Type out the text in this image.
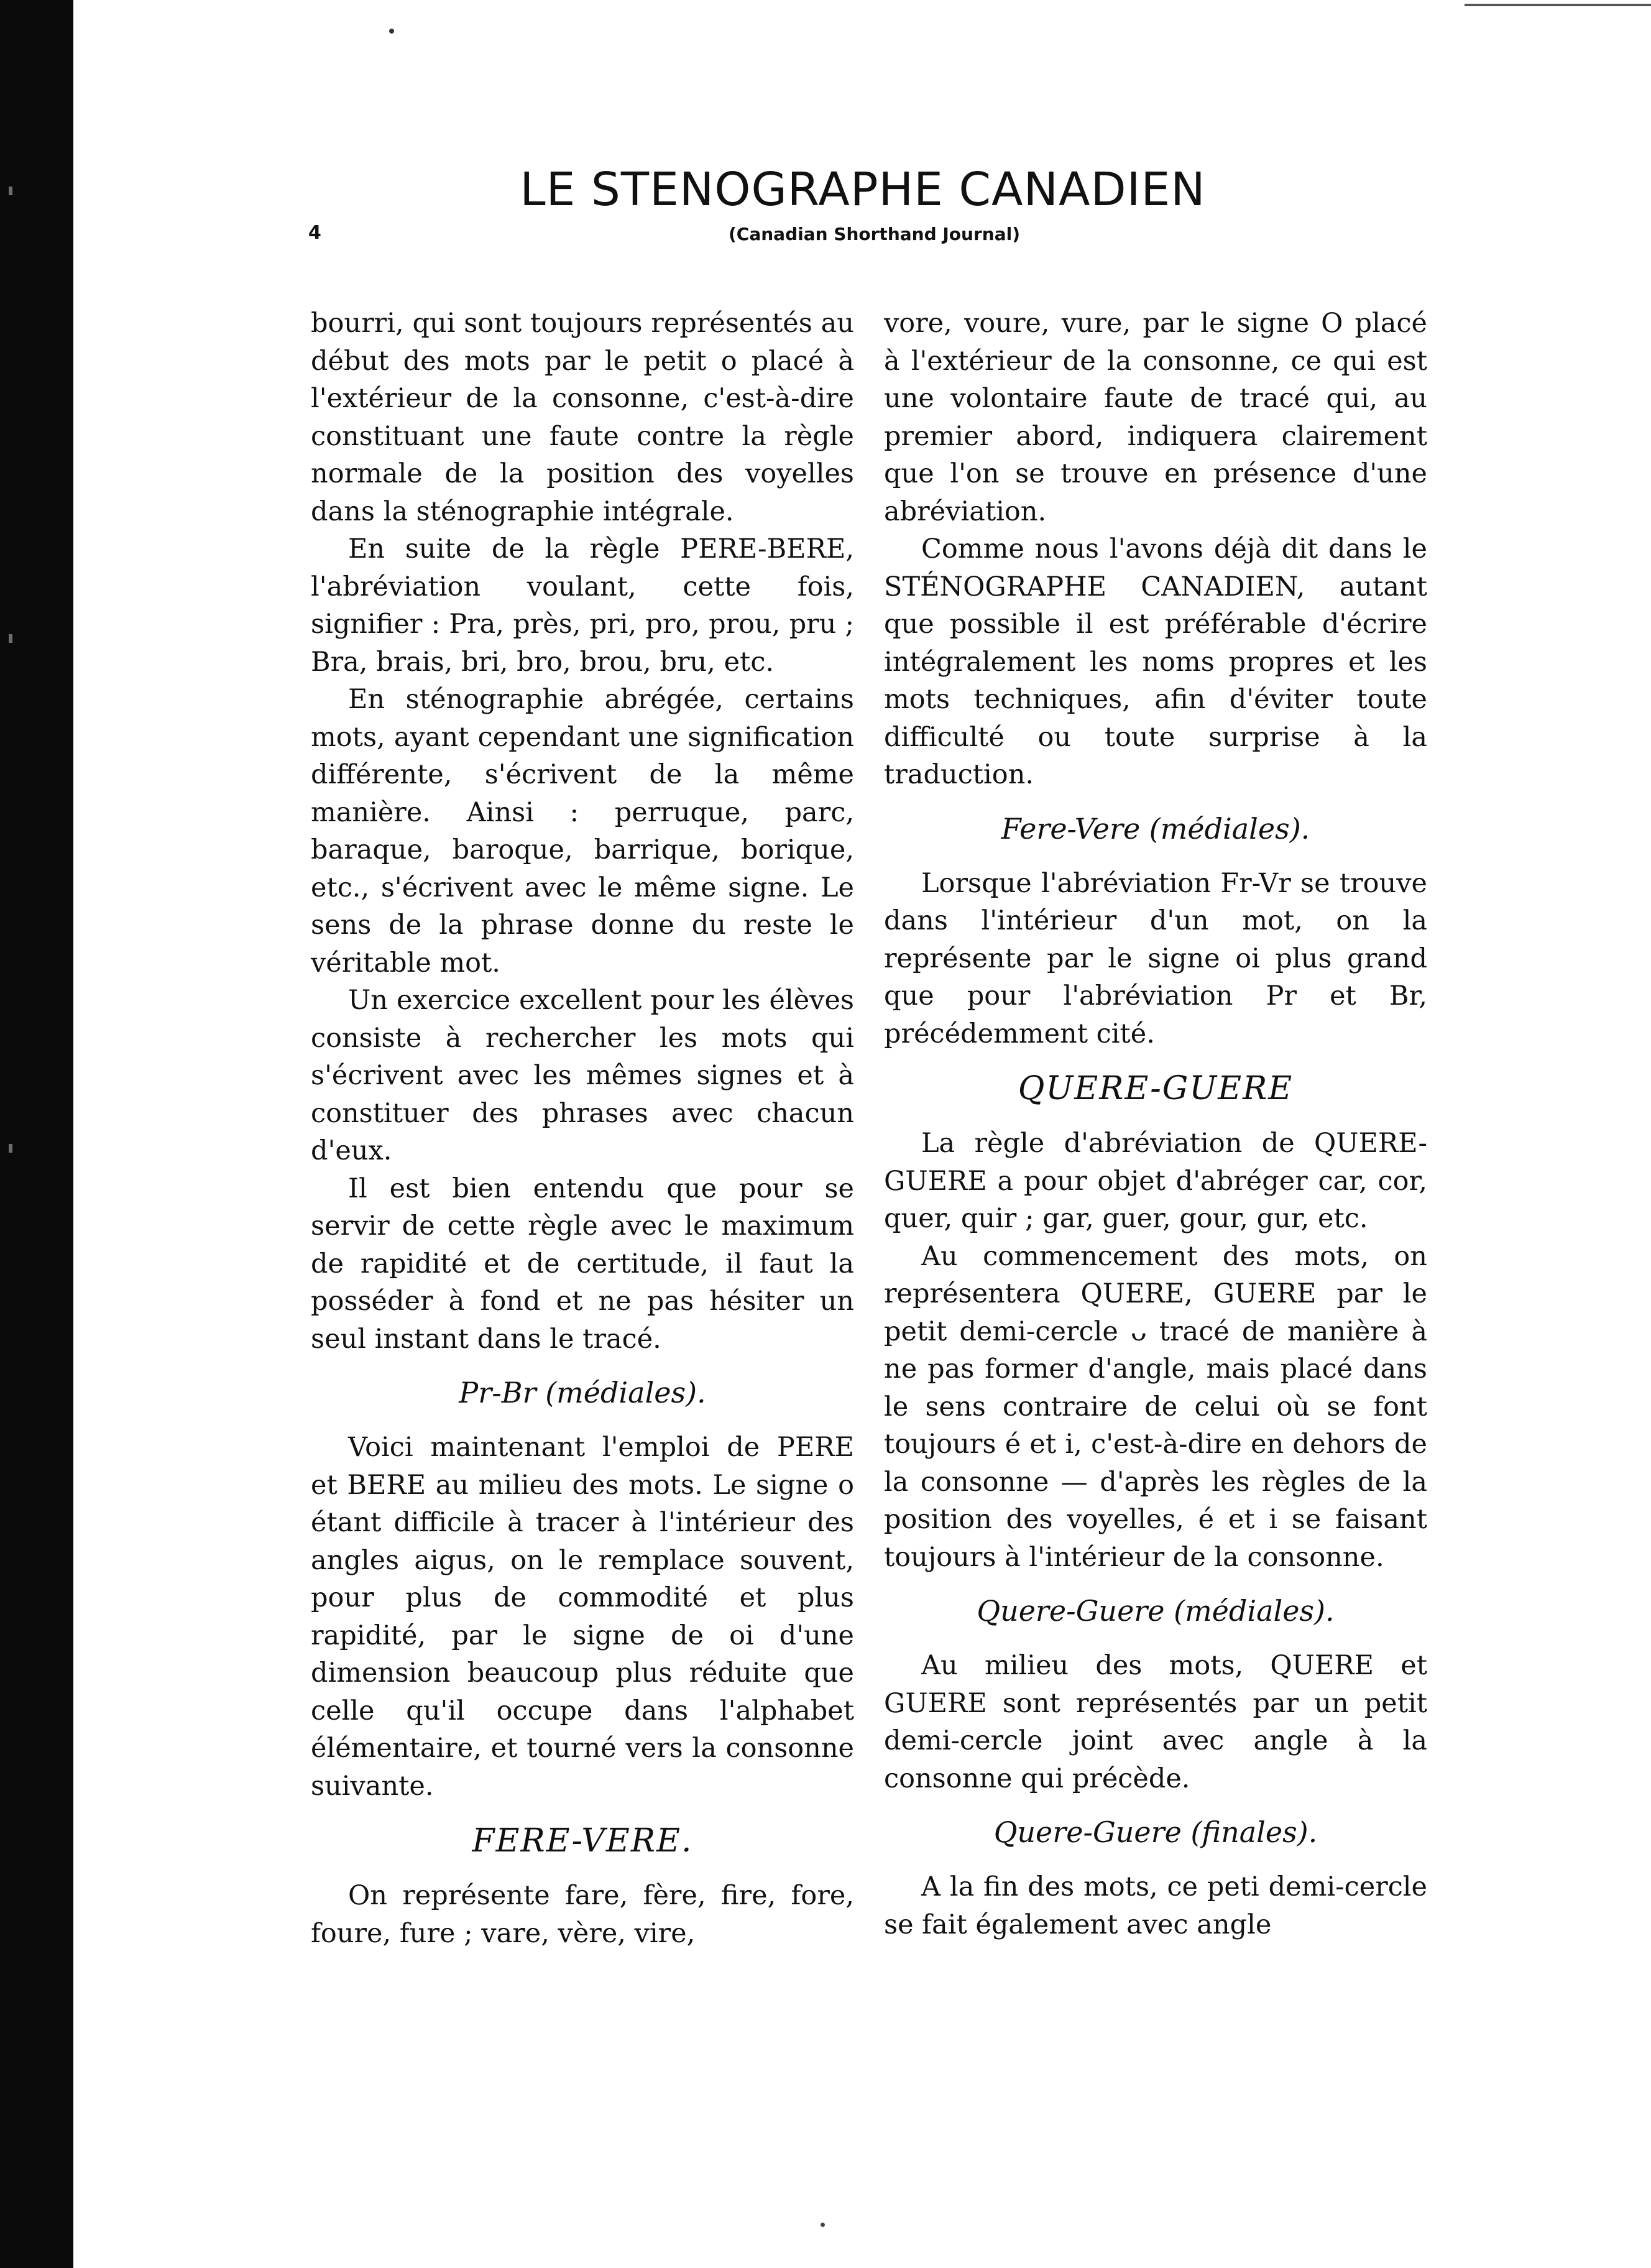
LE STENOGRAPHE CANADIEN
4	(Canadian Shorthand Journal)

bourri, qui sont toujours représentés au début des mots par le petit o placé à l'extérieur de la consonne, c'est-à-dire constituant une faute contre la règle normale de la position des voyelles dans la sténographie intégrale.

En suite de la règle PERE-BERE, l'abréviation voulant, cette fois, signifier : Pra, près, pri, pro, prou, pru ; Bra, brais, bri, bro, brou, bru, etc.

En sténographie abrégée, certains mots, ayant cependant une signification différente, s'écrivent de la même manière. Ainsi : perruque, parc, baraque, baroque, barrique, borique, etc., s'écrivent avec le même signe. Le sens de la phrase donne du reste le véritable mot.

Un exercice excellent pour les élèves consiste à rechercher les mots qui s'écrivent avec les mêmes signes et à constituer des phrases avec chacun d'eux.

Il est bien entendu que pour se servir de cette règle avec le maximum de rapidité et de certitude, il faut la posséder à fond et ne pas hésiter un seul instant dans le tracé.

Pr-Br (médiales).

Voici maintenant l'emploi de PERE et BERE au milieu des mots. Le signe o étant difficile à tracer à l'intérieur des angles aigus, on le remplace souvent, pour plus de commodité et plus rapidité, par le signe de oi d'une dimension beaucoup plus réduite que celle qu'il occupe dans l'alphabet élémentaire, et tourné vers la consonne suivante.

FERE-VERE.

On représente fare, fère, fire, fore, foure, fure ; vare, vère, vire,

vore, voure, vure, par le signe O placé à l'extérieur de la consonne, ce qui est une volontaire faute de tracé qui, au premier abord, indiquera clairement que l'on se trouve en présence d'une abréviation.

Comme nous l'avons déjà dit dans le STÉNOGRAPHE CANADIEN, autant que possible il est préférable d'écrire intégralement les noms propres et les mots techniques, afin d'éviter toute difficulté ou toute surprise à la traduction.

Fere-Vere (médiales).

Lorsque l'abréviation Fr-Vr se trouve dans l'intérieur d'un mot, on la représente par le signe oi plus grand que pour l'abréviation Pr et Br, précédemment cité.

QUERE-GUERE

La règle d'abréviation de QUERE-GUERE a pour objet d'abréger car, cor, quer, quir ; gar, guer, gour, gur, etc.

Au commencement des mots, on représentera QUERE, GUERE par le petit demi-cercle ᴗ tracé de manière à ne pas former d'angle, mais placé dans le sens contraire de celui où se font toujours é et i, c'est-à-dire en dehors de la consonne — d'après les règles de la position des voyelles, é et i se faisant toujours à l'intérieur de la consonne.

Quere-Guere (médiales).

Au milieu des mots, QUERE et GUERE sont représentés par un petit demi-cercle joint avec angle à la consonne qui précède.

Quere-Guere (finales).

A la fin des mots, ce peti demi-cercle se fait également avec angle
